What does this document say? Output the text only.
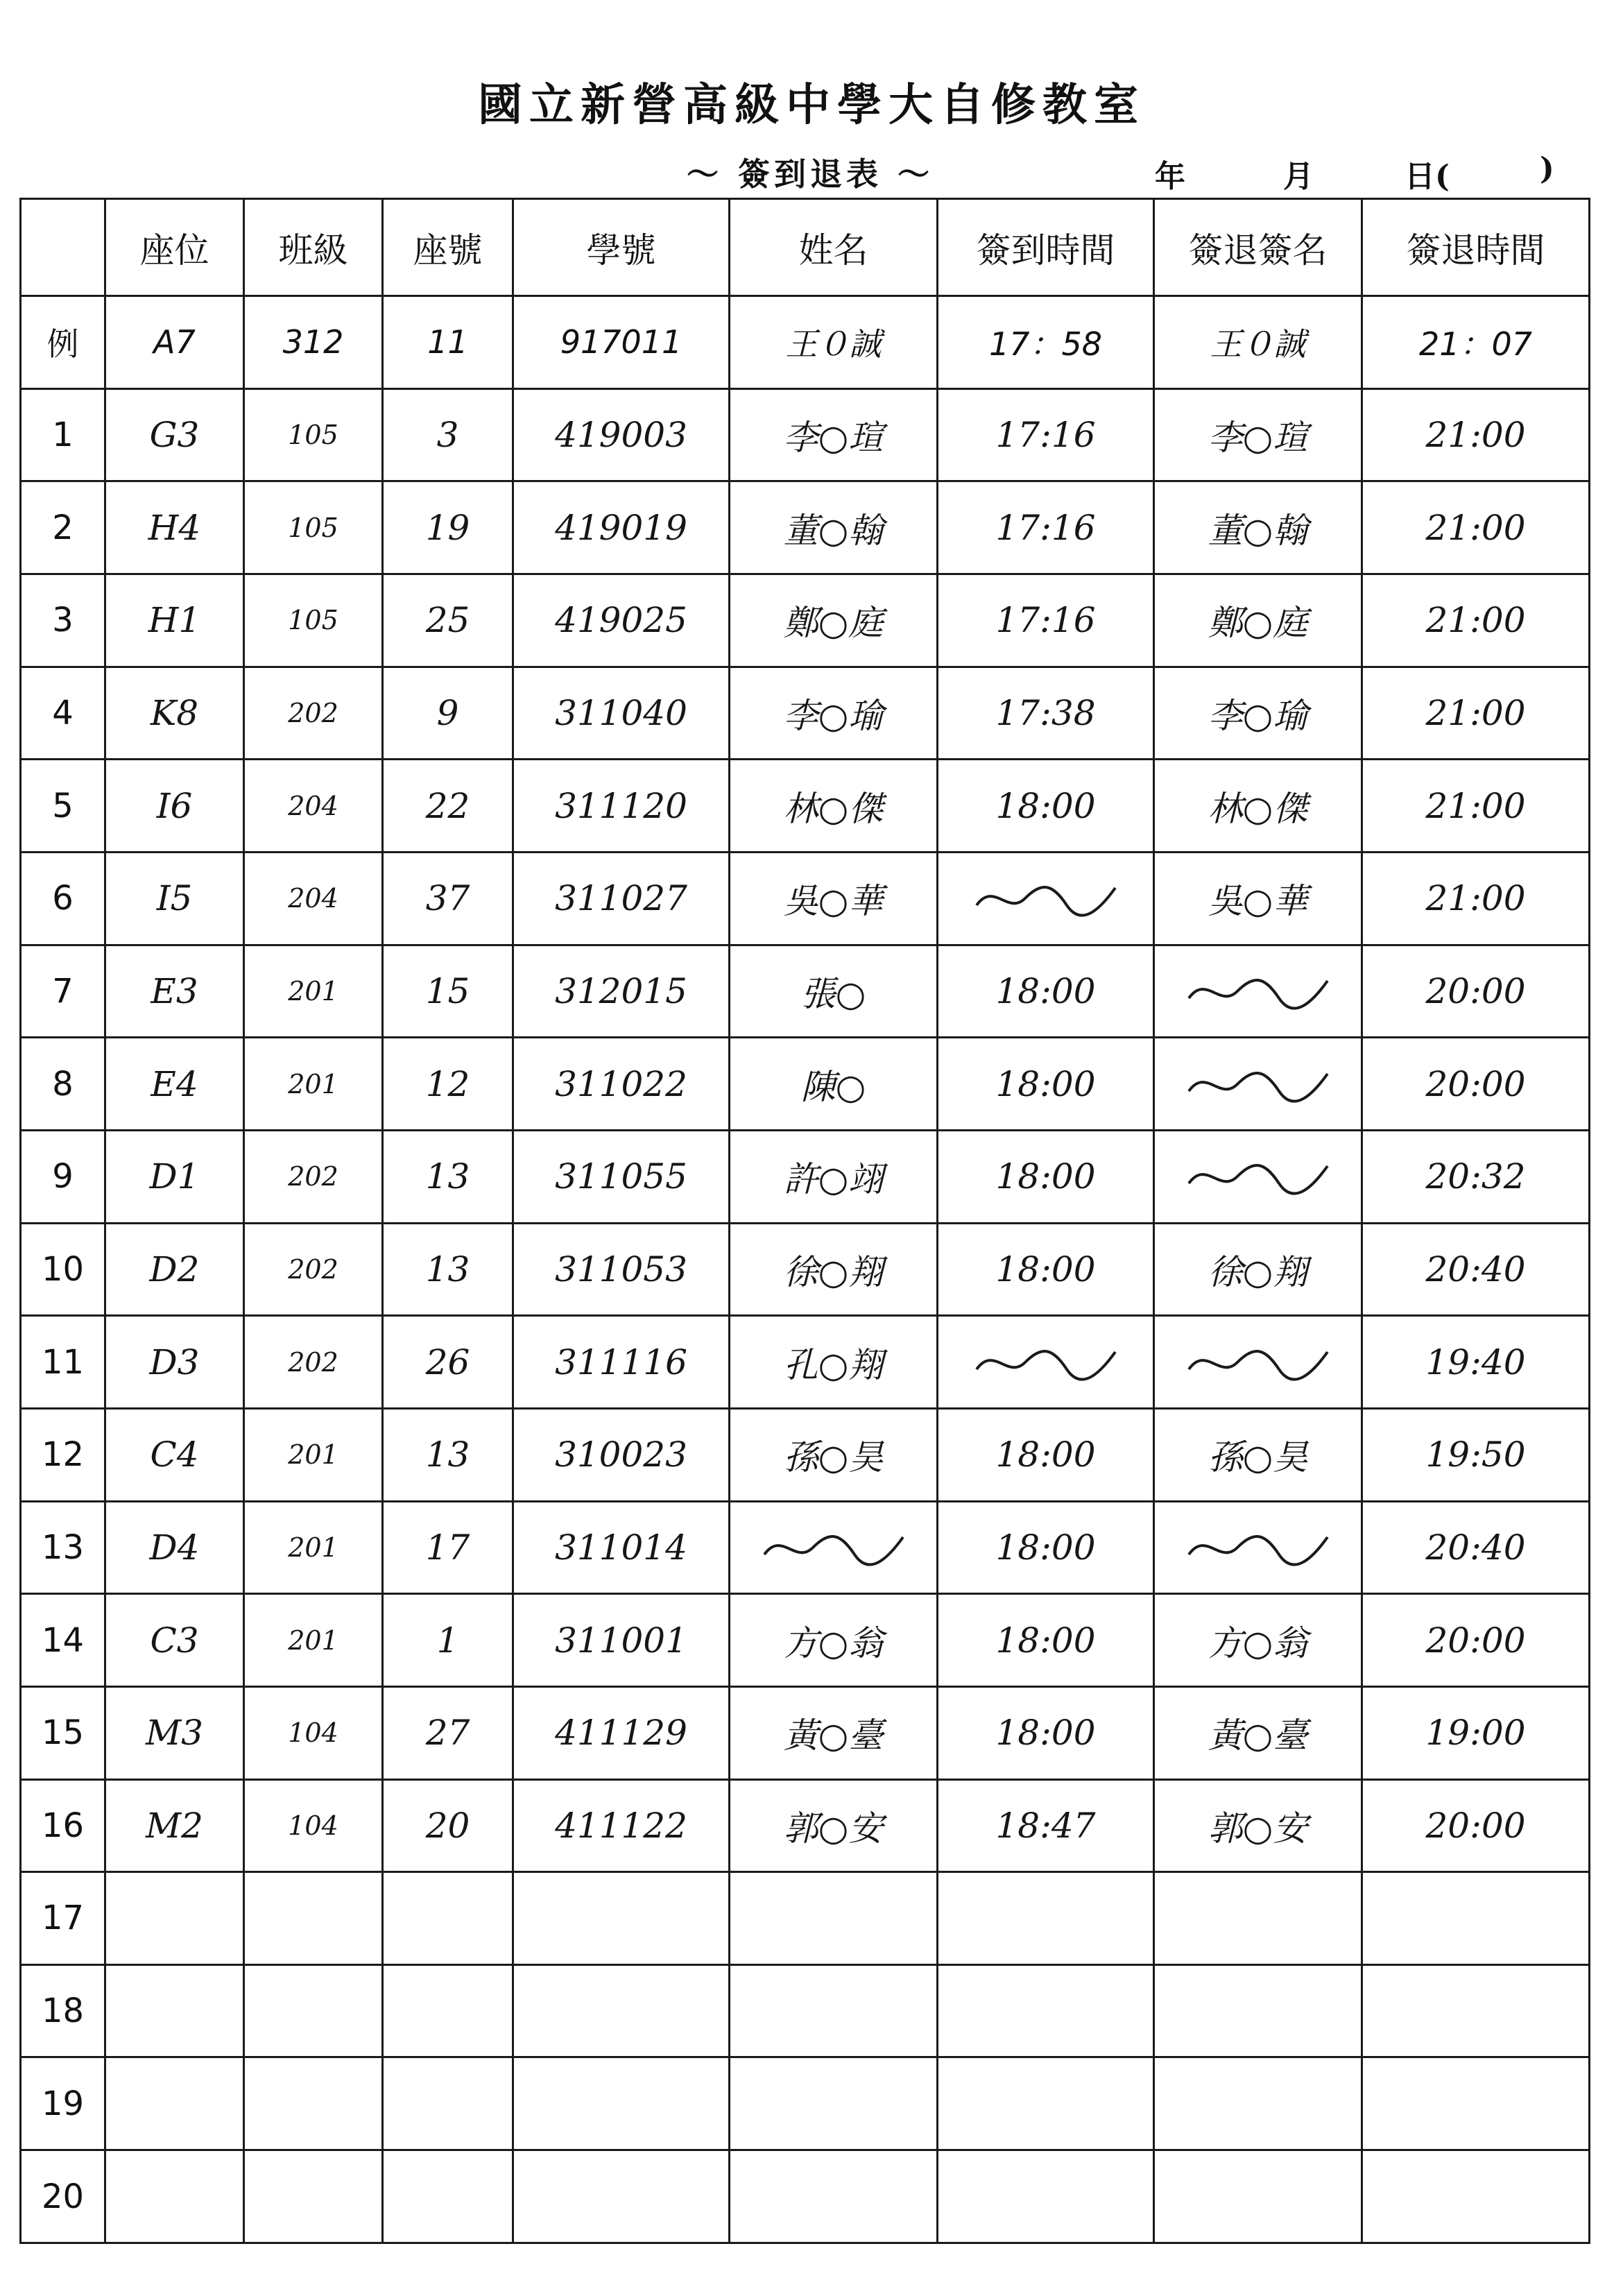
國立新營高級中學大自修教室
～ 簽到退表 ～	年	月	日(	)
	座位	班級	座號	學號	姓名	簽到時間	簽退簽名	簽退時間
例	A7	312	11	917011	王０誠	17：58	王０誠	21：07
1	G3	105	3	419003	李○瑄	17:16	李○瑄	21:00
2	H4	105	19	419019	董○翰	17:16	董○翰	21:00
3	H1	105	25	419025	鄭○庭	17:16	鄭○庭	21:00
4	K8	202	9	311040	李○瑜	17:38	李○瑜	21:00
5	I6	204	22	311120	林○傑	18:00	林○傑	21:00
6	I5	204	37	311027	吳○華		吳○華	21:00
7	E3	201	15	312015	張○	18:00		20:00
8	E4	201	12	311022	陳○	18:00		20:00
9	D1	202	13	311055	許○翊	18:00		20:32
10	D2	202	13	311053	徐○翔	18:00	徐○翔	20:40
11	D3	202	26	311116	孔○翔			19:40
12	C4	201	13	310023	孫○昊	18:00	孫○昊	19:50
13	D4	201	17	311014		18:00		20:40
14	C3	201	1	311001	方○翁	18:00	方○翁	20:00
15	M3	104	27	411129	黃○臺	18:00	黃○臺	19:00
16	M2	104	20	411122	郭○安	18:47	郭○安	20:00
17								
18								
19								
20								
